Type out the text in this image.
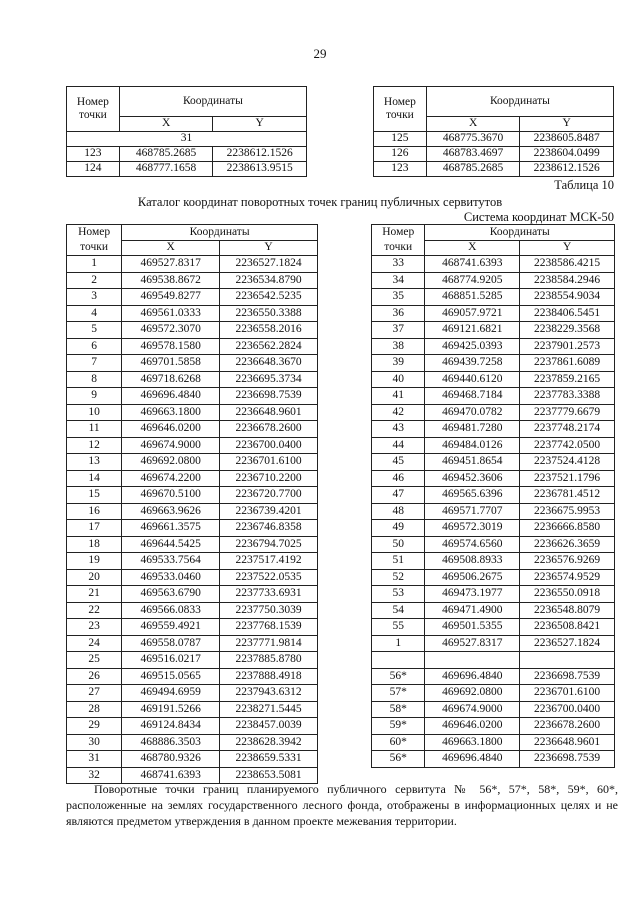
29
Номер
точки	Координаты	
	X	Y
31		
123	468785.2685	2238612.1526
124	468777.1658	2238613.9515
Номер
точки	Координаты	
	X	Y
125	468775.3670	2238605.8487
126	468783.4697	2238604.0499
123	468785.2685	2238612.1526
Таблица 10
Каталог координат поворотных точек границ публичных сервитутов
Система координат МСК-50
Номер	Координаты	
точки	X	Y
1	469527.8317	2236527.1824
2	469538.8672	2236534.8790
3	469549.8277	2236542.5235
4	469561.0333	2236550.3388
5	469572.3070	2236558.2016
6	469578.1580	2236562.2824
7	469701.5858	2236648.3670
8	469718.6268	2236695.3734
9	469696.4840	2236698.7539
10	469663.1800	2236648.9601
11	469646.0200	2236678.2600
12	469674.9000	2236700.0400
13	469692.0800	2236701.6100
14	469674.2200	2236710.2200
15	469670.5100	2236720.7700
16	469663.9626	2236739.4201
17	469661.3575	2236746.8358
18	469644.5425	2236794.7025
19	469533.7564	2237517.4192
20	469533.0460	2237522.0535
21	469563.6790	2237733.6931
22	469566.0833	2237750.3039
23	469559.4921	2237768.1539
24	469558.0787	2237771.9814
25	469516.0217	2237885.8780
26	469515.0565	2237888.4918
27	469494.6959	2237943.6312
28	469191.5266	2238271.5445
29	469124.8434	2238457.0039
30	468886.3503	2238628.3942
31	468780.9326	2238659.5331
32	468741.6393	2238653.5081
Номер	Координаты	
точки	X	Y
33	468741.6393	2238586.4215
34	468774.9205	2238584.2946
35	468851.5285	2238554.9034
36	469057.9721	2238406.5451
37	469121.6821	2238229.3568
38	469425.0393	2237901.2573
39	469439.7258	2237861.6089
40	469440.6120	2237859.2165
41	469468.7184	2237783.3388
42	469470.0782	2237779.6679
43	469481.7280	2237748.2174
44	469484.0126	2237742.0500
45	469451.8654	2237524.4128
46	469452.3606	2237521.1796
47	469565.6396	2236781.4512
48	469571.7707	2236675.9953
49	469572.3019	2236666.8580
50	469574.6560	2236626.3659
51	469508.8933	2236576.9269
52	469506.2675	2236574.9529
53	469473.1977	2236550.0918
54	469471.4900	2236548.8079
55	469501.5355	2236508.8421
1	469527.8317	2236527.1824

56*	469696.4840	2236698.7539
57*	469692.0800	2236701.6100
58*	469674.9000	2236700.0400
59*	469646.0200	2236678.2600
60*	469663.1800	2236648.9601
56*	469696.4840	2236698.7539
Поворотные точки границ планируемого публичного сервитута № 56*, 57*, 58*, 59*, 60*, расположенные на землях государственного лесного фонда, отображены в информационных целях и не являются предметом утверждения в данном проекте межевания территории.
